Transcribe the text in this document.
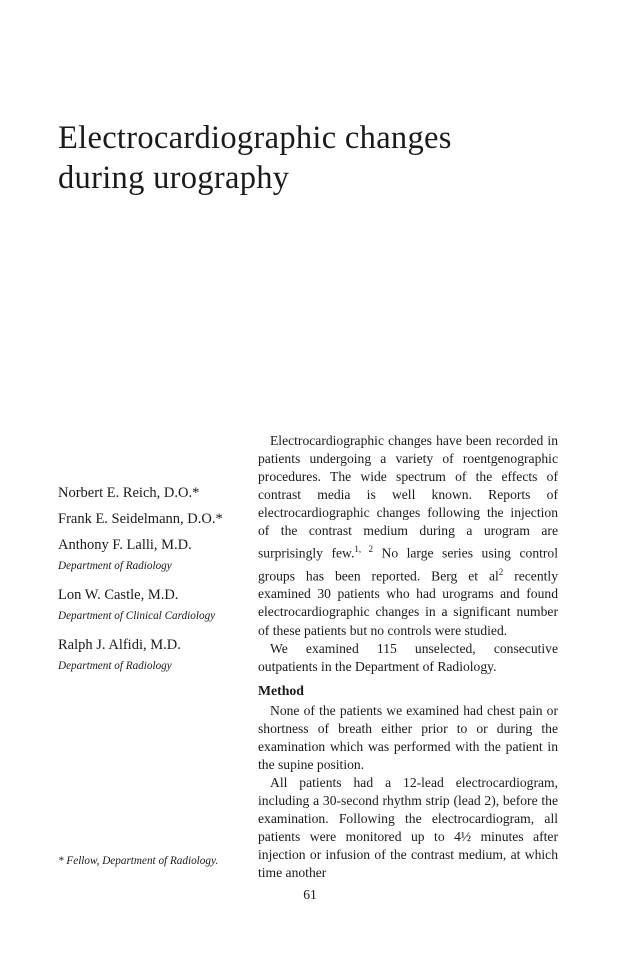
Electrocardiographic changes
during urography
Norbert E. Reich, D.O.*
Frank E. Seidelmann, D.O.*
Anthony F. Lalli, M.D.
Department of Radiology
Lon W. Castle, M.D.
Department of Clinical Cardiology
Ralph J. Alfidi, M.D.
Department of Radiology
* Fellow, Department of Radiology.

Electrocardiographic changes have been recorded in patients undergoing a variety of roentgenographic procedures. The wide spectrum of the effects of contrast media is well known. Reports of electrocardiographic changes following the injection of the contrast medium during a urogram are surprisingly few.$^{1, 2}$ No large series using control groups has been reported. Berg et $al^2$ recently examined 30 patients who had urograms and found electrocardiographic changes in a significant number of these patients but no controls were studied.

We examined 115 unselected, consecutive outpatients in the Department of Radiology.

Method

None of the patients we examined had chest pain or shortness of breath either prior to or during the examination which was performed with the patient in the supine position.

All patients had a 12-lead electrocardiogram, including a 30-second rhythm strip (lead 2), before the examination. Following the electrocardiogram, all patients were monitored up to 4½ minutes after injection or infusion of the contrast medium, at which time another

61
